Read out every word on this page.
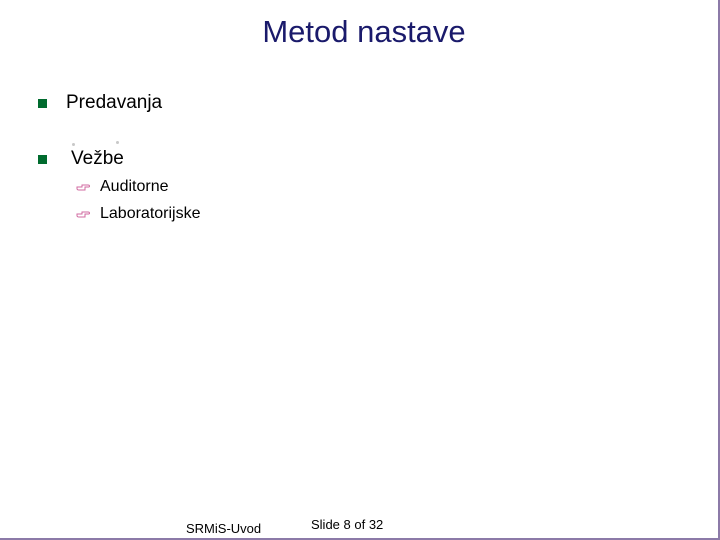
Metod nastave
Predavanja
Vežbe
Auditorne
Laboratorijske
SRMiS-Uvod	Slide 8 of 32
